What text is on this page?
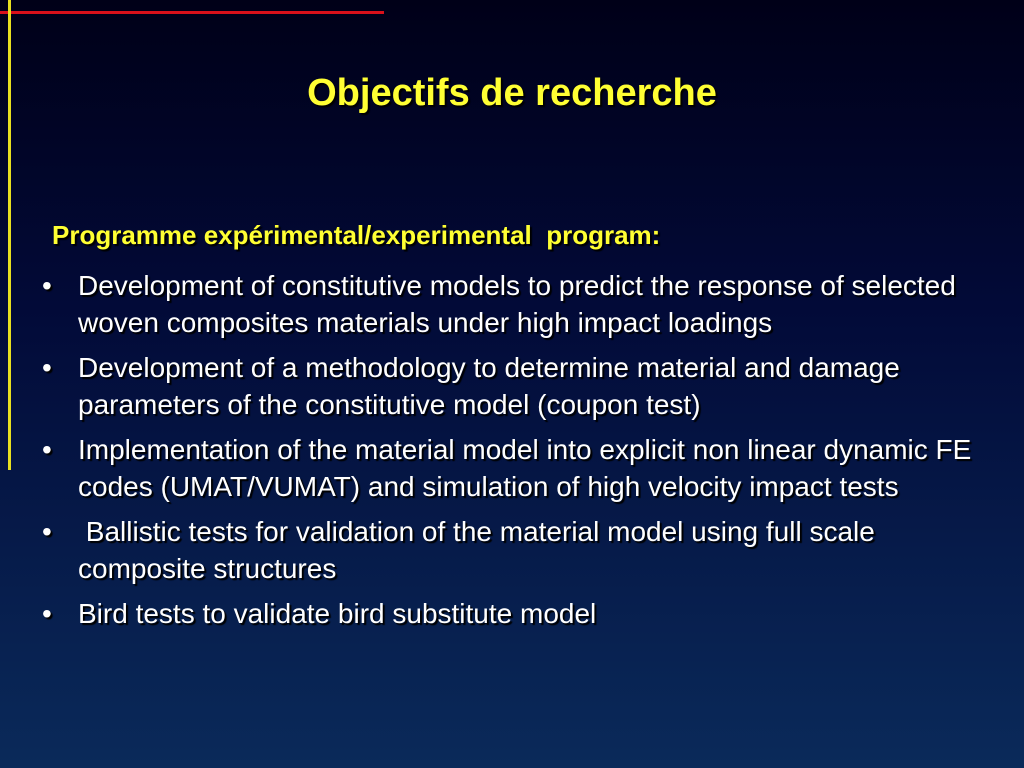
Objectifs de recherche
Programme expérimental/experimental  program:
• Development of constitutive models to predict the response of selected woven composites materials under high impact loadings
• Development of a methodology to determine material and damage parameters of the constitutive model (coupon test)
• Implementation of the material model into explicit non linear dynamic FE codes (UMAT/VUMAT) and simulation of high velocity impact tests
• Ballistic tests for validation of the material model using full scale composite structures
• Bird tests to validate bird substitute model
